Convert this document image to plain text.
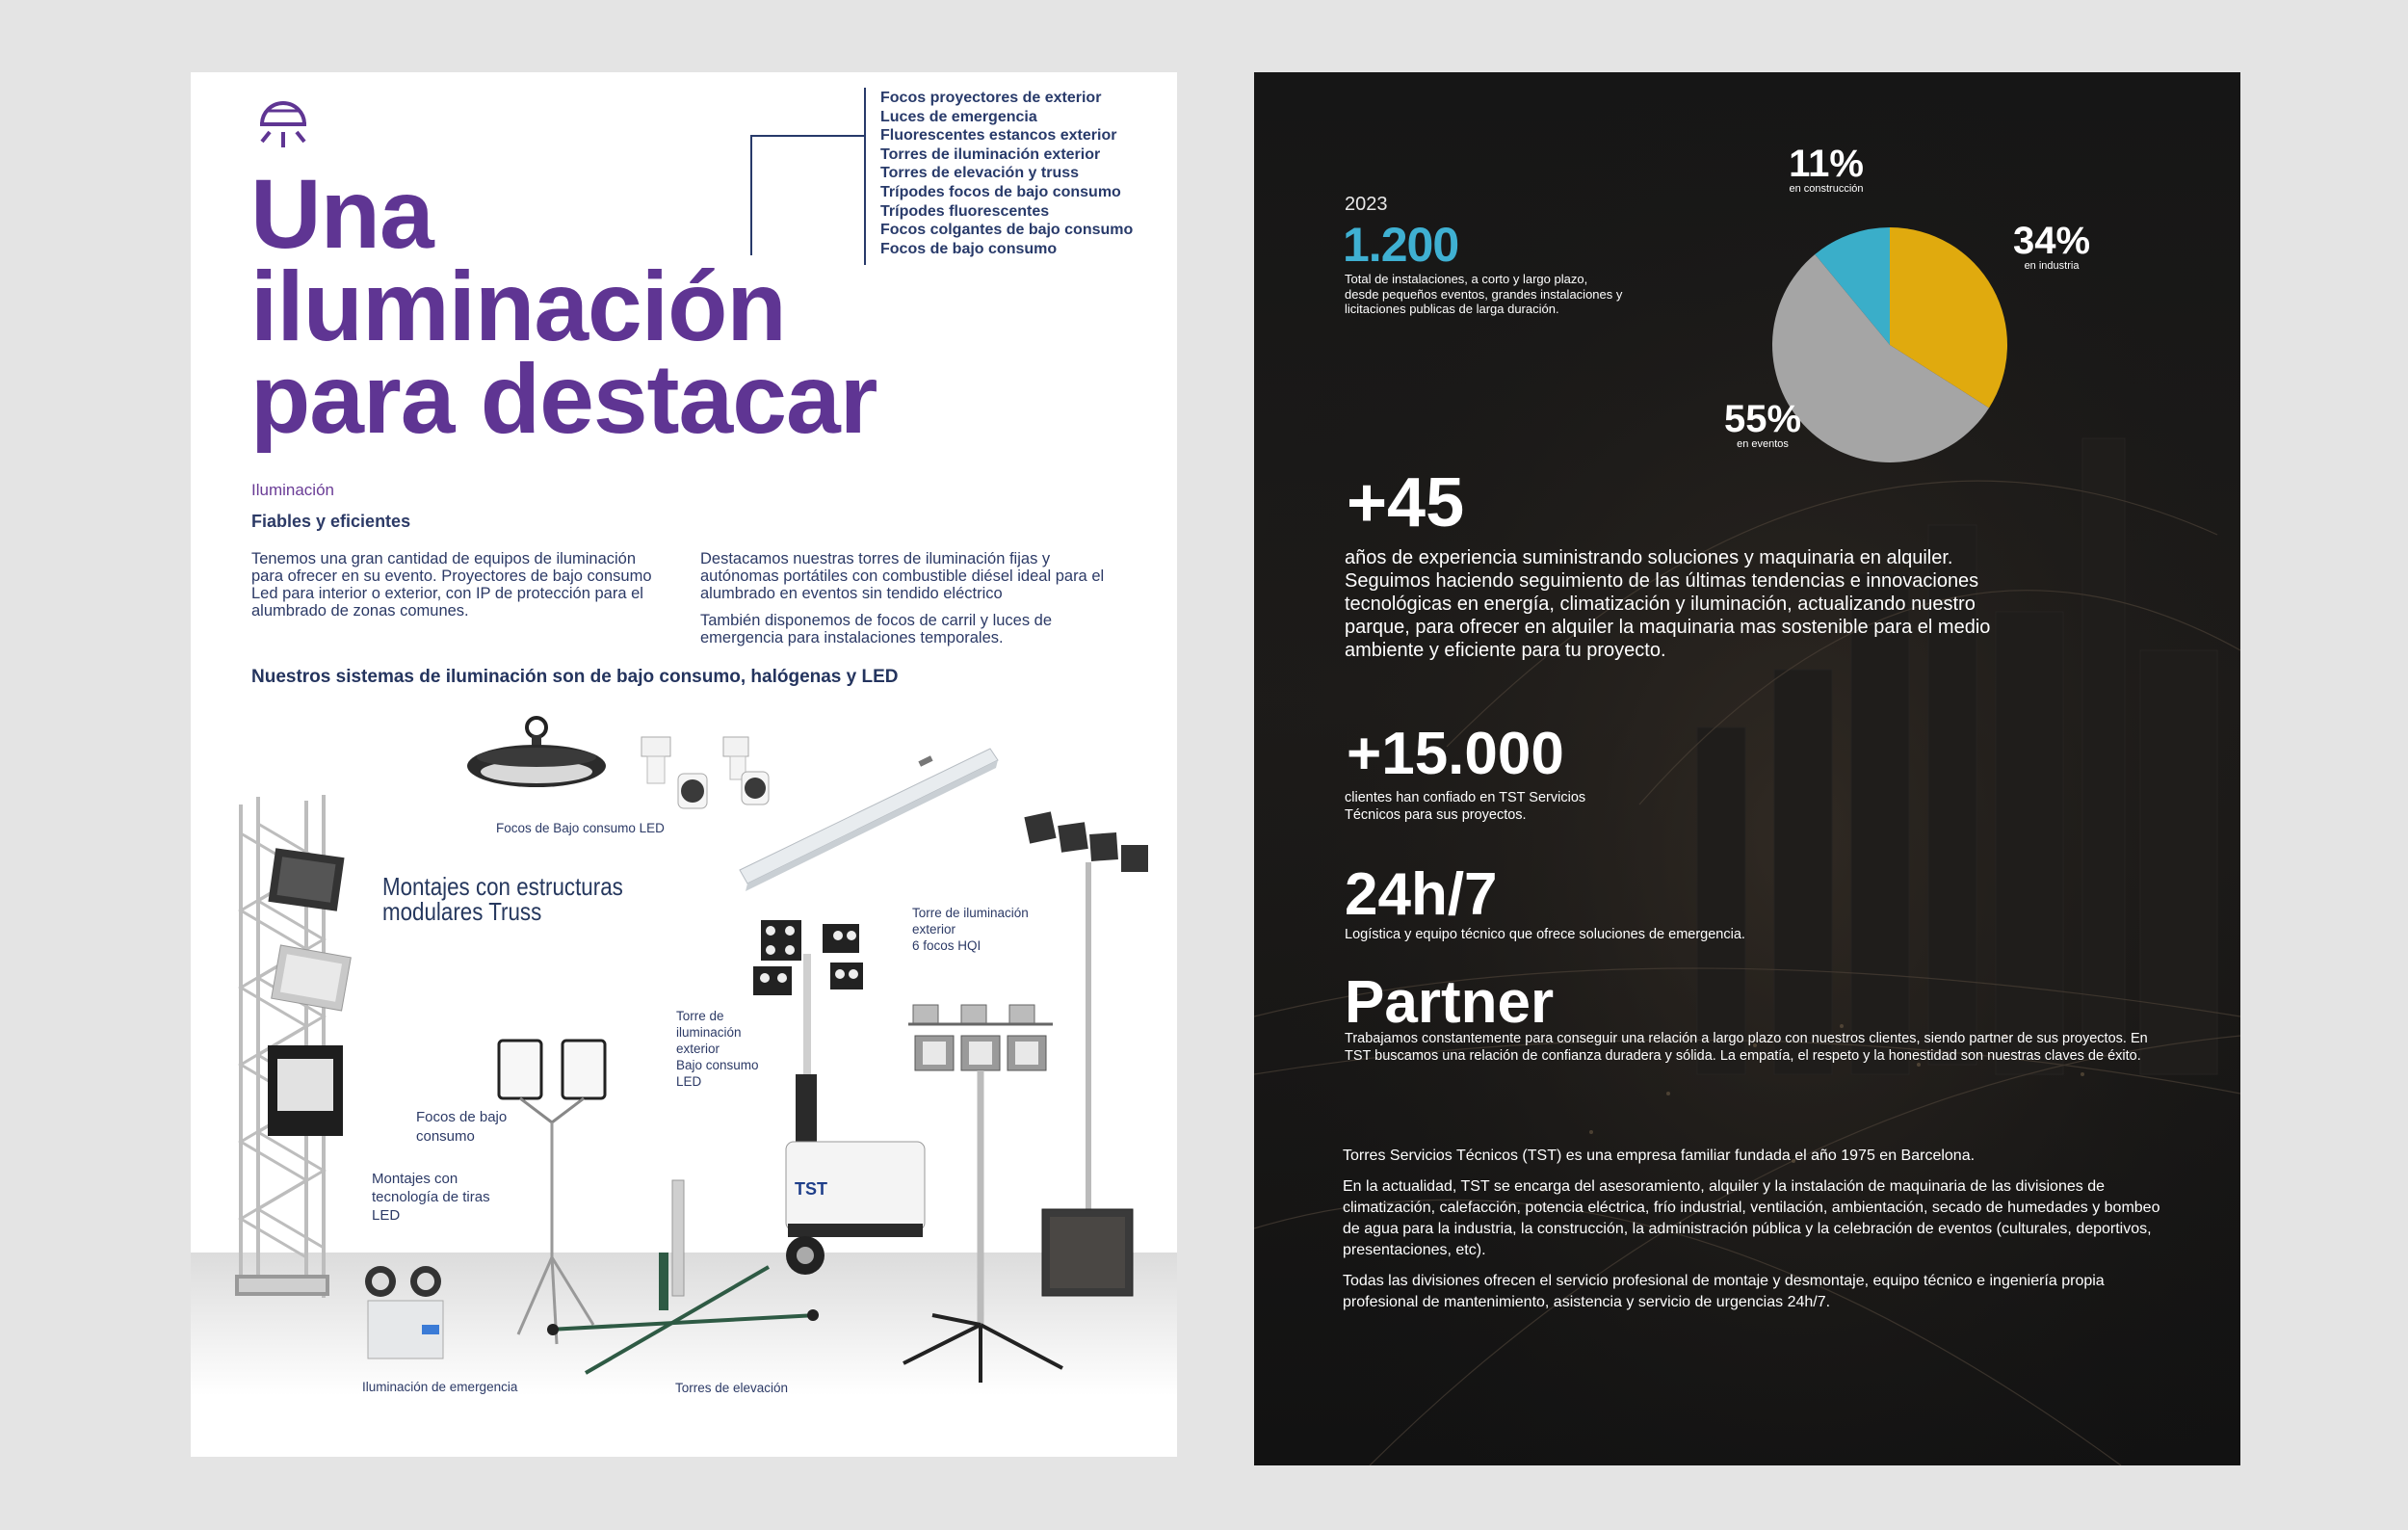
Focos proyectores de exterior
Luces de emergencia
Fluorescentes estancos exterior
Torres de iluminación exterior
Torres de elevación y truss
Trípodes focos de bajo consumo
Trípodes fluorescentes
Focos colgantes de bajo consumo
Focos de bajo consumo
Una
iluminación
para destacar
Iluminación
Fiables y eficientes

Tenemos una gran cantidad de equipos de iluminación para ofrecer en su evento. Proyectores de bajo consumo Led para interior o exterior, con IP de protección para el alumbrado de zonas comunes.

Destacamos nuestras torres de iluminación fijas y autónomas portátiles con combustible diésel ideal para el alumbrado en eventos sin tendido eléctrico

También disponemos de focos de carril y luces de emergencia para instalaciones temporales.

Nuestros sistemas de iluminación son de bajo consumo, halógenas y LED
TST
Montajes con estructuras
modulares Truss
Focos de Bajo consumo LED
Torre de iluminación
exterior
6 focos HQI
Torre de
iluminación
exterior
Bajo consumo
LED
Focos de bajo
consumo
Montajes con
tecnología de tiras
LED
Iluminación de emergencia	Torres de elevación
2023
1.200
Total de instalaciones, a corto y largo plazo, desde pequeños eventos, grandes instalaciones y licitaciones publicas de larga duración.
11%
en construcción
34%
en industria
55%
en eventos
+45
años de experiencia suministrando soluciones y maquinaria en alquiler. Seguimos haciendo seguimiento de las últimas tendencias e innovaciones tecnológicas en energía, climatización y iluminación, actualizando nuestro parque, para ofrecer en alquiler la maquinaria mas sostenible para el medio ambiente y eficiente para tu proyecto.
+15.000
clientes han confiado en TST Servicios Técnicos para sus proyectos.
24h/7
Logística y equipo técnico que ofrece soluciones de emergencia.
Partner
Trabajamos constantemente para conseguir una relación a largo plazo con nuestros clientes, siendo partner de sus proyectos. En TST buscamos una relación de confianza duradera y sólida. La empatía, el respeto y la honestidad son nuestras claves de éxito.

Torres Servicios Técnicos (TST) es una empresa familiar fundada el año 1975 en Barcelona.

En la actualidad, TST se encarga del asesoramiento, alquiler y la instalación de maquinaria de las divisiones de climatización, calefacción, potencia eléctrica, frío industrial, ventilación, ambientación, secado de humedades y bombeo de agua para la industria, la construcción, la administración pública y la celebración de eventos (culturales, deportivos, presentaciones, etc).

Todas las divisiones ofrecen el servicio profesional de montaje y desmontaje, equipo técnico e ingeniería propia profesional de mantenimiento, asistencia y servicio de urgencias 24h/7.
